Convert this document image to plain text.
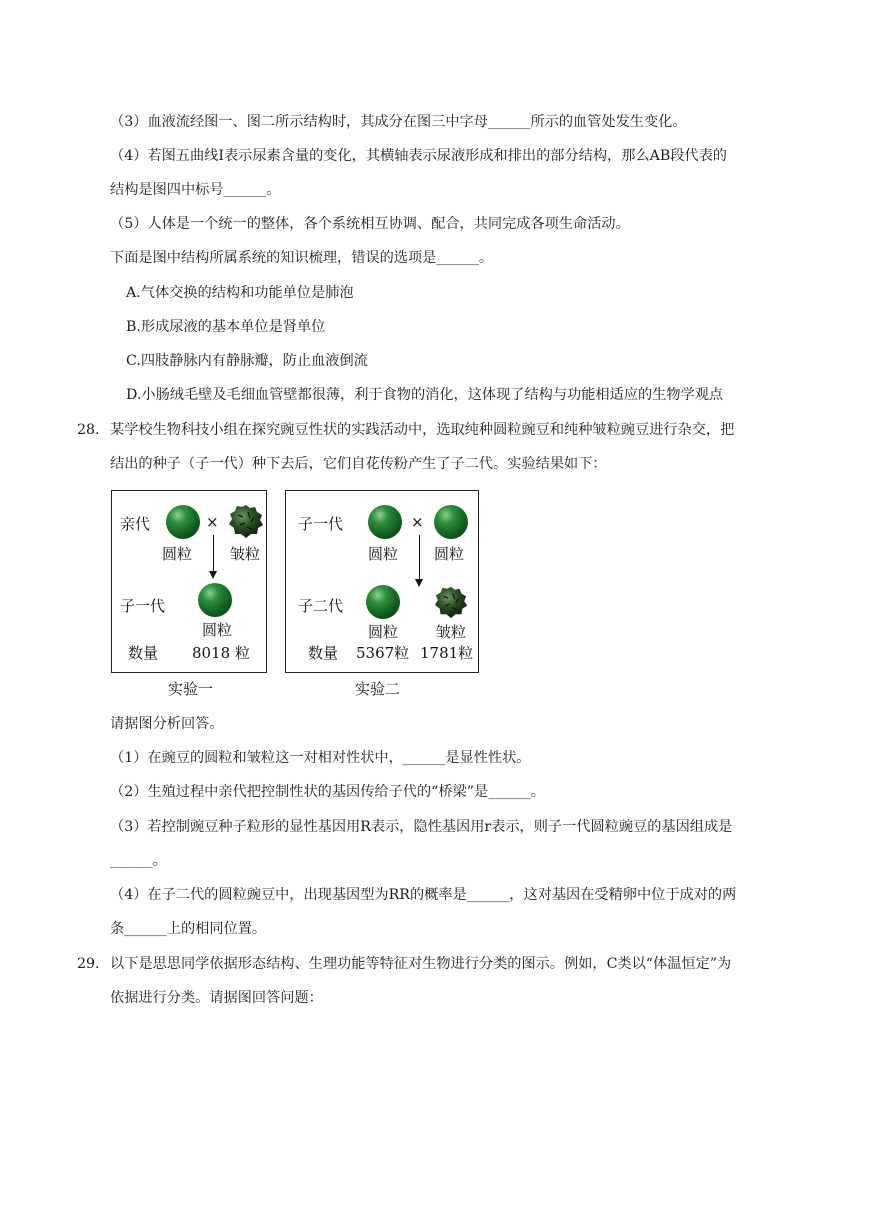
（3）血液流经图一、图二所示结构时，其成分在图三中字母______所示的血管处发生变化。
（4）若图五曲线Ⅰ表示尿素含量的变化，其横轴表示尿液形成和排出的部分结构，那么AB段代表的
结构是图四中标号______。
（5）人体是一个统一的整体，各个系统相互协调、配合，共同完成各项生命活动。
下面是图中结构所属系统的知识梳理，错误的选项是______。
A.气体交换的结构和功能单位是肺泡
B.形成尿液的基本单位是肾单位
C.四肢静脉内有静脉瓣，防止血液倒流
D.小肠绒毛壁及毛细血管壁都很薄，利于食物的消化，这体现了结构与功能相适应的生物学观点
28. 某学校生物科技小组在探究豌豆性状的实践活动中，选取纯种圆粒豌豆和纯种皱粒豌豆进行杂交，把
结出的种子（子一代）种下去后，它们自花传粉产生了子二代。实验结果如下：
亲代	×
圆粒	皱粒
子一代
圆粒
数量 8018 粒
实验一
子一代	×
圆粒 圆粒
子二代
圆粒	皱粒
数量 5367粒 1781粒
实验二
请据图分析回答。
（1）在豌豆的圆粒和皱粒这一对相对性状中，______是显性性状。
（2）生殖过程中亲代把控制性状的基因传给子代的“桥梁”是______。
（3）若控制豌豆种子粒形的显性基因用R表示，隐性基因用r表示，则子一代圆粒豌豆的基因组成是
______。
（4）在子二代的圆粒豌豆中，出现基因型为RR的概率是______，这对基因在受精卵中位于成对的两
条______上的相同位置。
29. 以下是思思同学依据形态结构、生理功能等特征对生物进行分类的图示。例如，C类以“体温恒定”为
依据进行分类。请据图回答问题：
